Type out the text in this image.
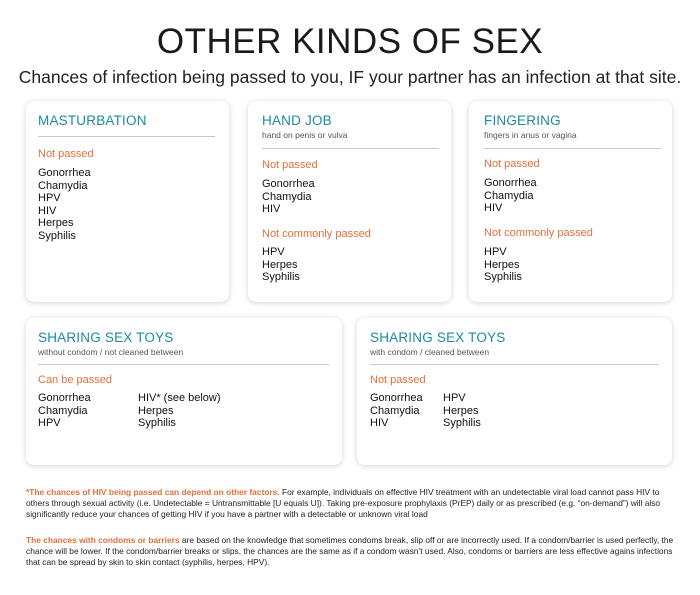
OTHER KINDS OF SEX
Chances of infection being passed to you, IF your partner has an infection at that site.
MASTURBATION
Not passed
Gonorrhea
Chamydia
HPV
HIV
Herpes
Syphilis
HAND JOB
hand on penis or vulva
Not passed
Gonorrhea
Chamydia
HIV
Not commonly passed
HPV
Herpes
Syphilis
FINGERING
fingers in anus or vagina
Not passed
Gonorrhea
Chamydia
HIV
Not commonly passed
HPV
Herpes
Syphilis
SHARING SEX TOYS
without condom / not cleaned between
Can be passed
Gonorrhea
Chamydia
HPV
HIV* (see below)
Herpes
Syphilis
SHARING SEX TOYS
with condom / cleaned between
Not passed
Gonorrhea
Chamydia
HIV
HPV
Herpes
Syphilis

*The chances of HIV being passed can depend on other factors. For example, individuals on effective HIV treatment with an undetectable viral load cannot pass HIV to others through sexual activity (i.e. Undetectable = Untransmittable [U equals U]). Taking pre-exposure prophylaxis (PrEP) daily or as prescribed (e.g. “on-demand”) will also significantly reduce your chances of getting HIV if you have a partner with a detectable or unknown viral load

The chances with condoms or barriers are based on the knowledge that sometimes condoms break, slip off or are incorrectly used. If a condom/barrier is used perfectly, the chance will be lower. If the condom/barrier breaks or slips, the chances are the same as if a condom wasn’t used. Also, condoms or barriers are less effective agains infections that can be spread by skin to skin contact (syphilis, herpes, HPV).
